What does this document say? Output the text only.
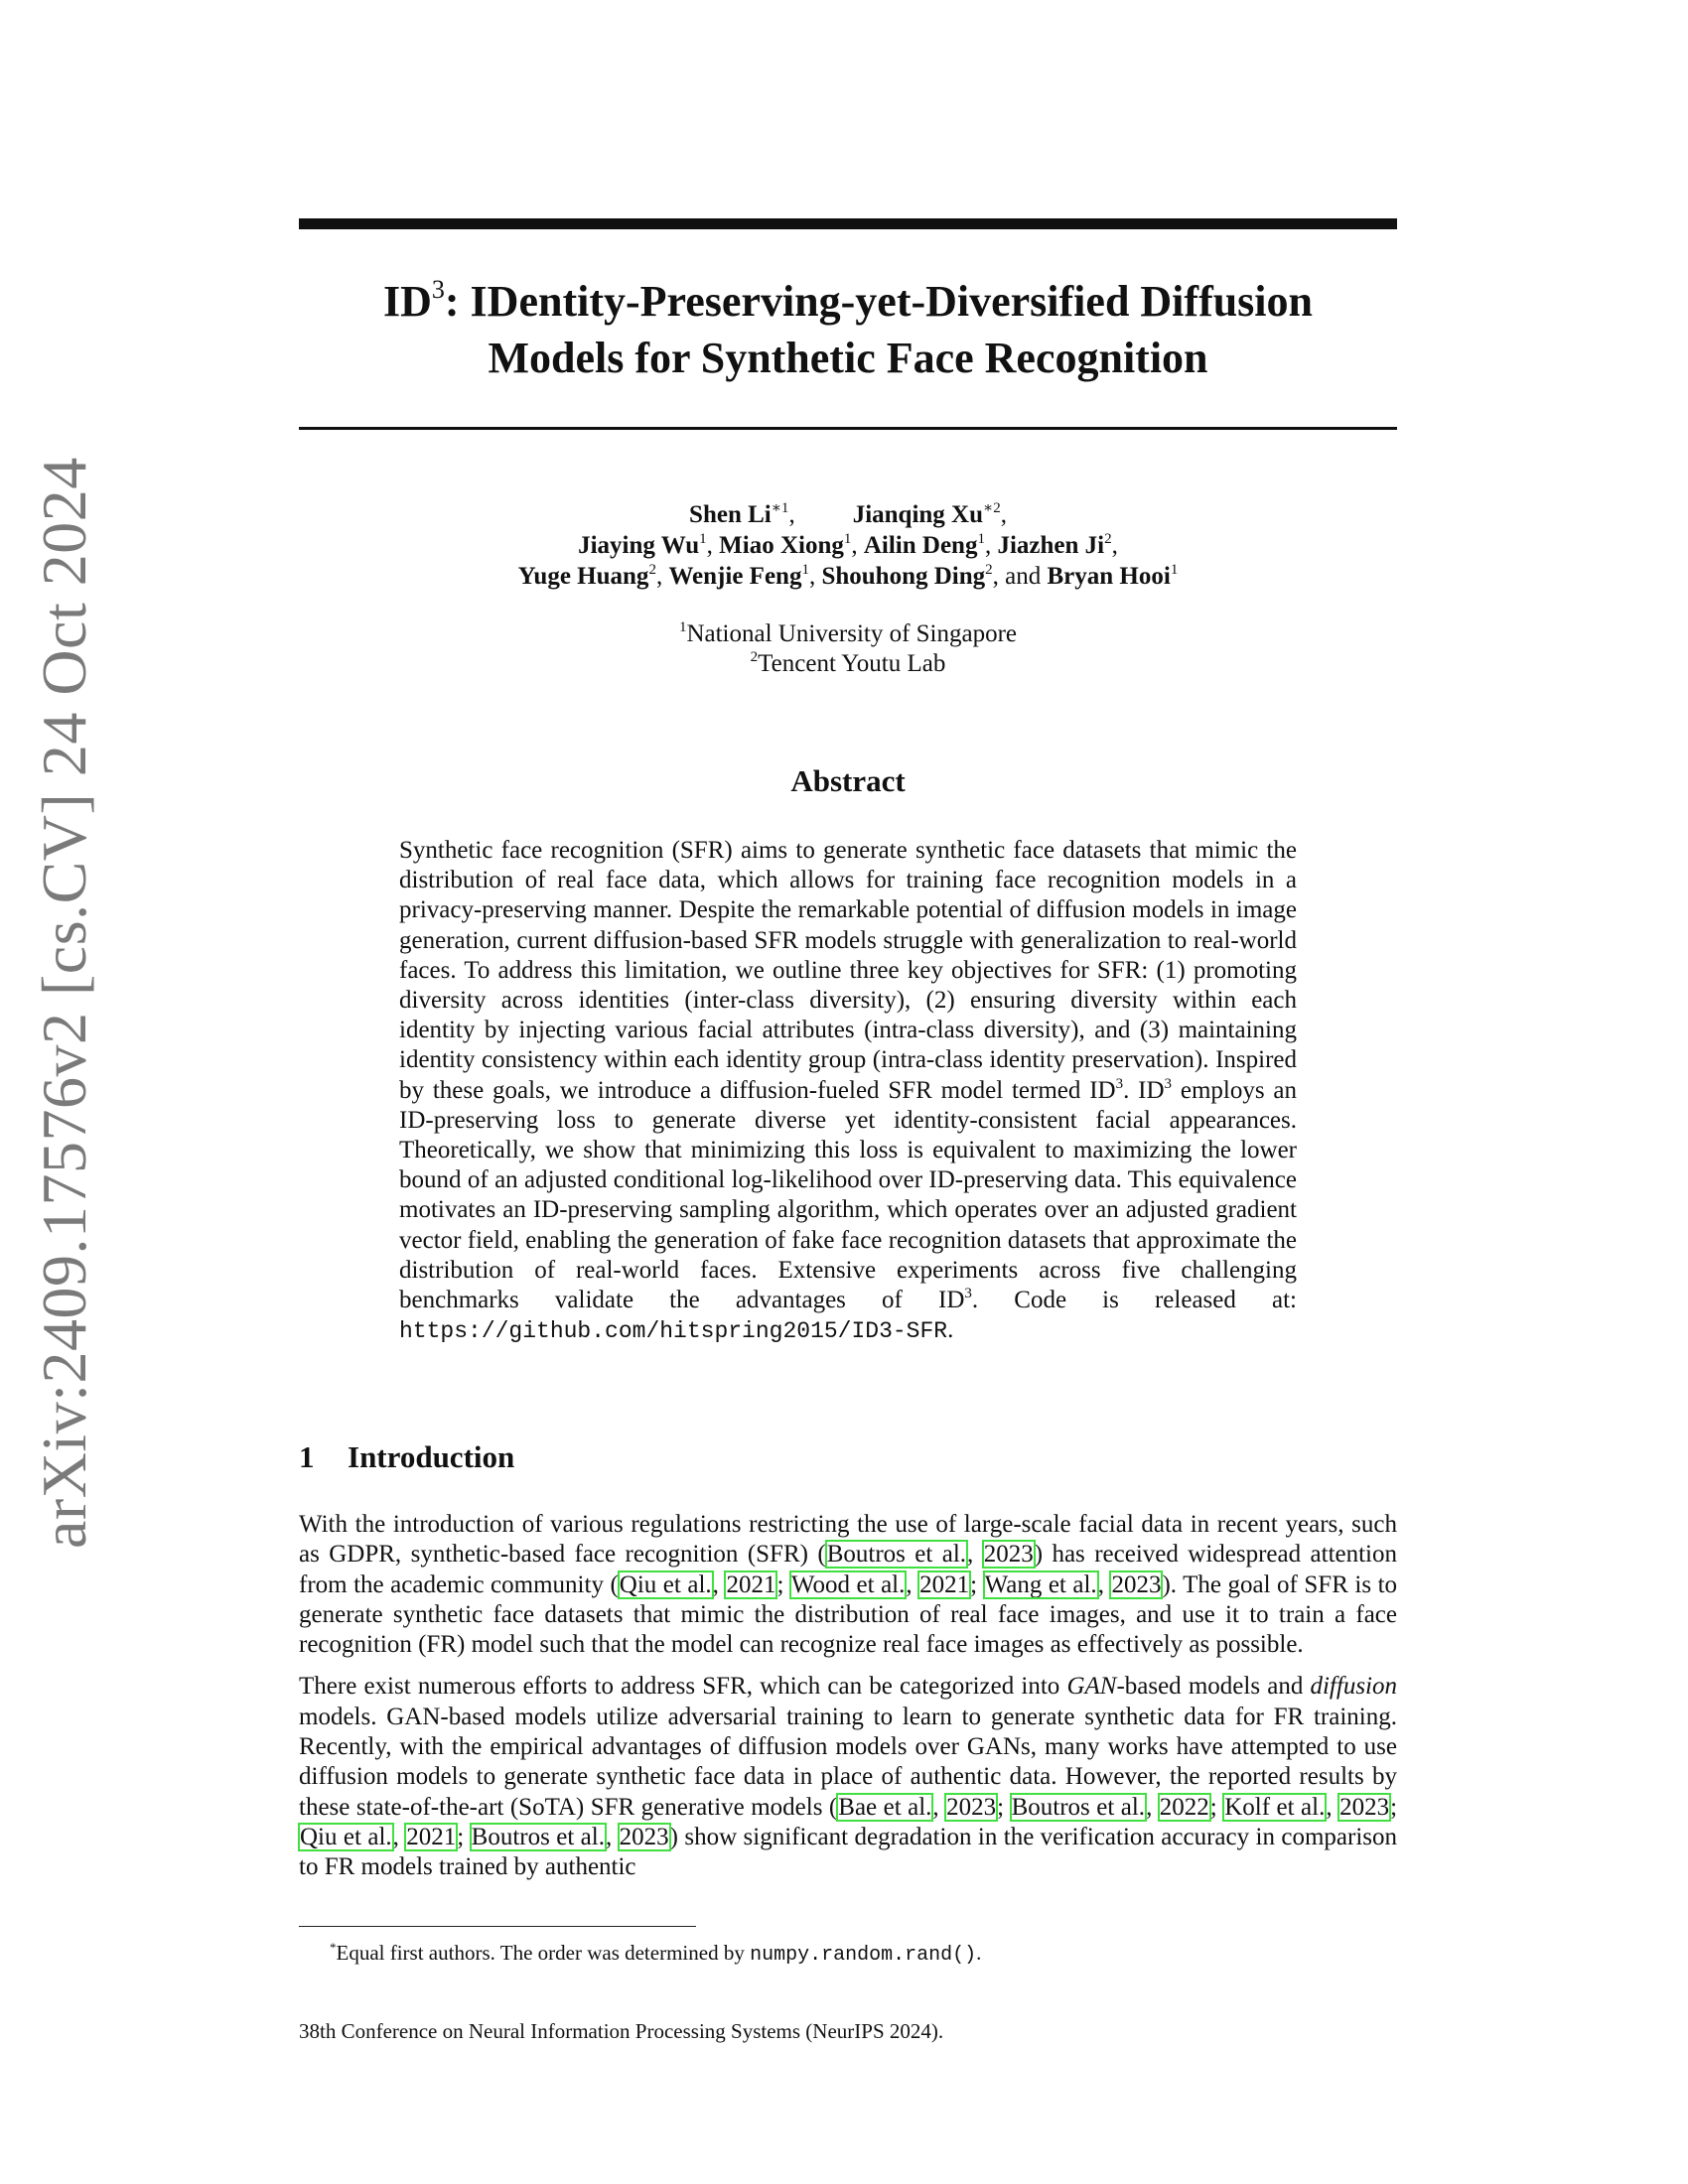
arXiv:2409.17576v2 [cs.CV] 24 Oct 2024
$ID^3$: IDentity-Preserving-yet-Diversified Diffusion
Models for Synthetic Face Recognition
Shen $Li^{∗1}$, Jianqing $Xu^{∗2}$,
Jiaying Wu$^1$, Miao Xiong$^1$, Ailin Deng$^1$, Jiazhen Ji$^2$,
Yuge Huang$^2$, Wenjie Feng$^1$, Shouhong Ding$^2$, and Bryan Hooi$^1$
$^1$National University of Singapore
$^2$Tencent Youtu Lab
Abstract
Synthetic face recognition (SFR) aims to generate synthetic face datasets that mimic the distribution of real face data, which allows for training face recognition models in a privacy-preserving manner. Despite the remarkable potential of diffusion models in image generation, current diffusion-based SFR models struggle with generalization to real-world faces. To address this limitation, we outline three key objectives for SFR: (1) promoting diversity across identities (inter-class diversity), (2) ensuring diversity within each identity by injecting various facial attributes (intra-class diversity), and (3) maintaining identity consistency within each identity group (intra-class identity preservation). Inspired by these goals, we introduce a diffusion-fueled SFR model termed $ID^3$. $ID^3$ employs an ID-preserving loss to generate diverse yet identity-consistent facial appearances. Theoretically, we show that minimizing this loss is equivalent to maximizing the lower bound of an adjusted conditional log-likelihood over ID-preserving data. This equivalence motivates an ID-preserving sampling algorithm, which operates over an adjusted gradient vector field, enabling the generation of fake face recognition datasets that approximate the distribution of real-world faces. Extensive experiments across five challenging benchmarks validate the advantages of $ID^3$. Code is released at: https://github.com/hitspring2015/ID3-SFR.
1 Introduction

With the introduction of various regulations restricting the use of large-scale facial data in recent years, such as GDPR, synthetic-based face recognition (SFR) (Boutros et al., 2023) has received widespread attention from the academic community (Qiu et al., 2021; Wood et al., 2021; Wang et al., 2023). The goal of SFR is to generate synthetic face datasets that mimic the distribution of real face images, and use it to train a face recognition (FR) model such that the model can recognize real face images as effectively as possible.

There exist numerous efforts to address SFR, which can be categorized into GAN-based models and diffusion models. GAN-based models utilize adversarial training to learn to generate synthetic data for FR training. Recently, with the empirical advantages of diffusion models over GANs, many works have attempted to use diffusion models to generate synthetic face data in place of authentic data. However, the reported results by these state-of-the-art (SoTA) SFR generative models (Bae et al., 2023; Boutros et al., 2022; Kolf et al., 2023; Qiu et al., 2021; Boutros et al., 2023) show significant degradation in the verification accuracy in comparison to FR models trained by authentic

*Equal first authors. The order was determined by numpy.random.rand().
38th Conference on Neural Information Processing Systems (NeurIPS 2024).
